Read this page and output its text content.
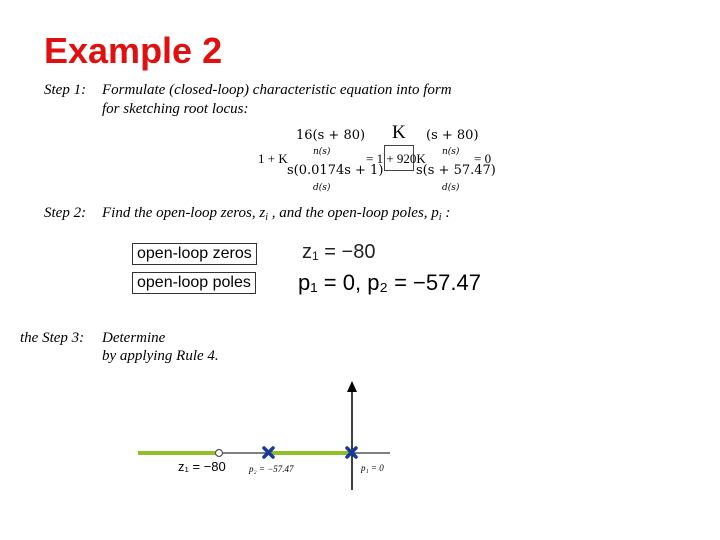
Example 2
Step 1: Formulate (closed-loop) characteristic equation into form
for sketching root locus:
K
16(s + 80)
1 + K
s(0.0174s + 1)
n(s)
d(s)
= 1 + 920K
(s + 80)
s(s + 57.47)
n(s)
d(s)
= 0
Step 2: Find the open-loop zeros, $z_i$ , and the open-loop poles, $p_i$ :
open-loop zeros
open-loop poles
z₁ = −80
p₁ = 0, p₂ = −57.47
the Step 3: Determine
by applying Rule 4.
z₁ = −80	p₂ = −57.47	p₁ = 0
